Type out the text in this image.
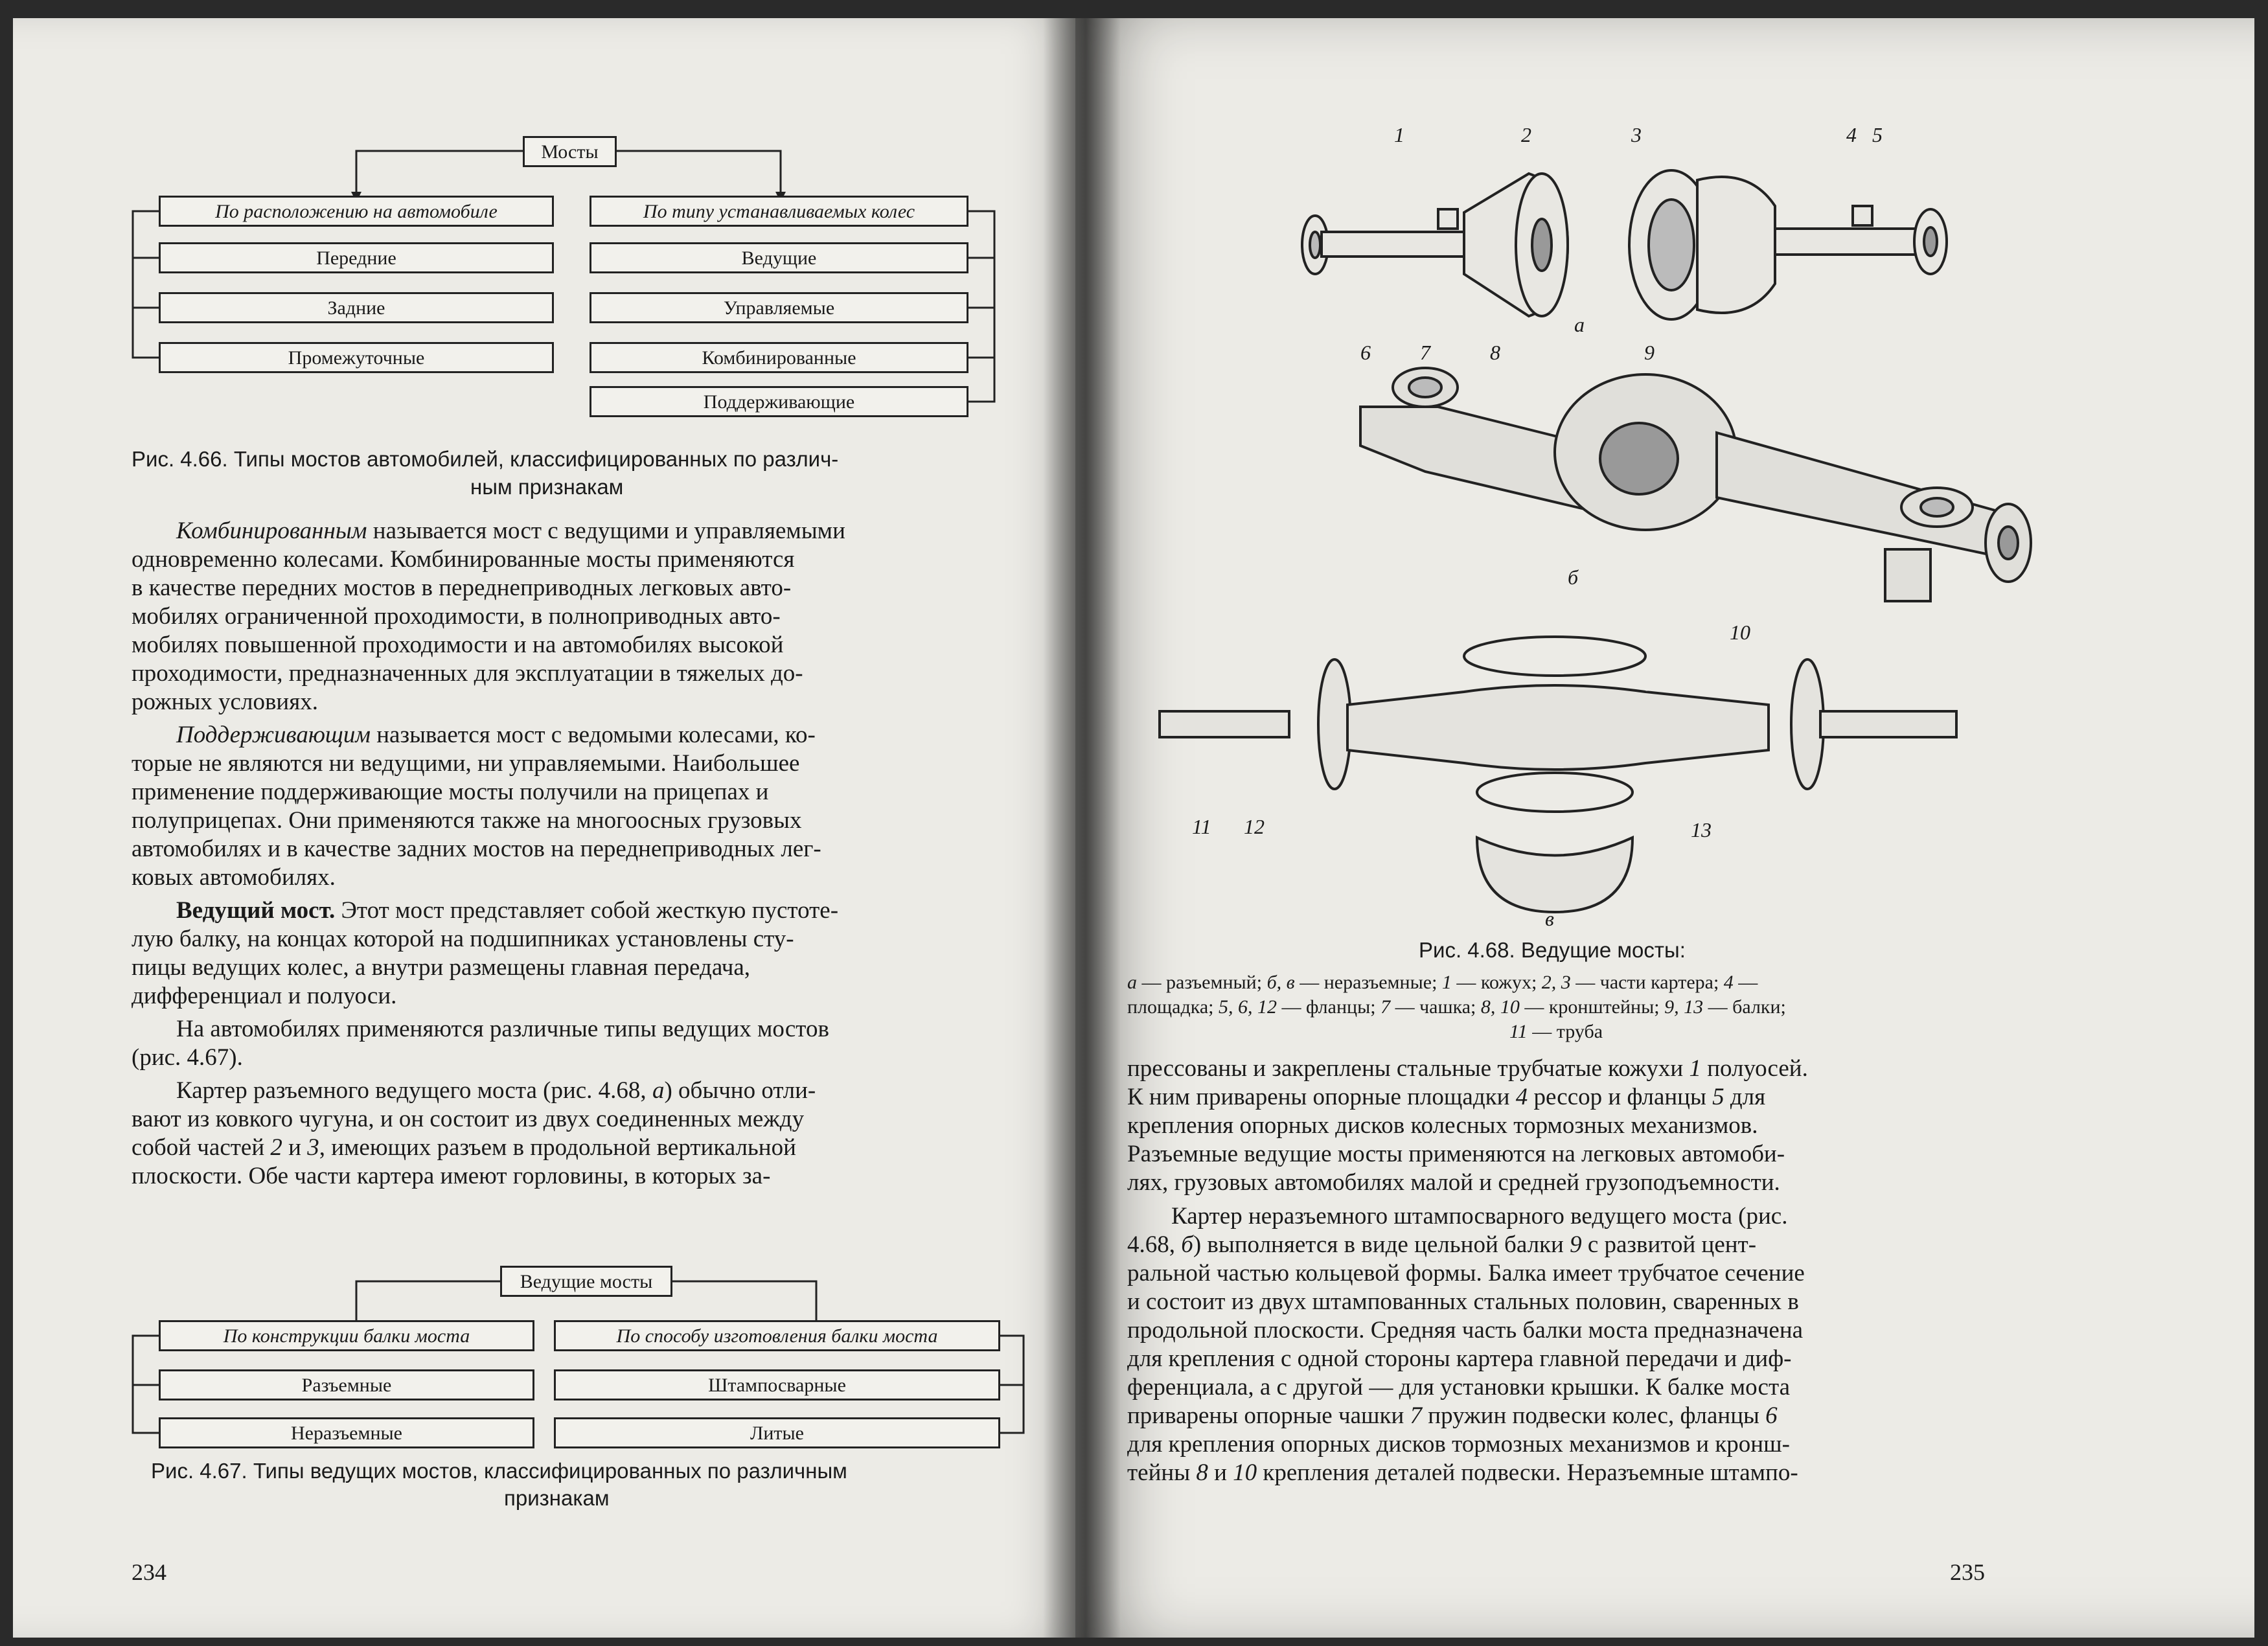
Мосты
По расположению на автомобиле	По типу устанавливаемых колес
Передние
Задние
Промежуточные
Ведущие
Управляемые
Комбинированные
Поддерживающие
Рис. 4.66. Типы мостов автомобилей, классифицированных по различ-
ным признакам
Комбинированным называется мост с ведущими и управляемыми
одновременно колесами. Комбинированные мосты применяются
в качестве передних мостов в переднеприводных легковых авто-
мобилях ограниченной проходимости, в полноприводных авто-
мобилях повышенной проходимости и на автомобилях высокой
проходимости, предназначенных для эксплуатации в тяжелых до-
рожных условиях.
Поддерживающим называется мост с ведомыми колесами, ко-
торые не являются ни ведущими, ни управляемыми. Наибольшее
применение поддерживающие мосты получили на прицепах и
полуприцепах. Они применяются также на многоосных грузовых
автомобилях и в качестве задних мостов на переднеприводных лег-
ковых автомобилях.
Ведущий мост. Этот мост представляет собой жесткую пустоте-
лую балку, на концах которой на подшипниках установлены сту-
пицы ведущих колес, а внутри размещены главная передача,
дифференциал и полуоси.
На автомобилях применяются различные типы ведущих мостов
(рис. 4.67).
Картер разъемного ведущего моста (рис. 4.68, а) обычно отли-
вают из ковкого чугуна, и он состоит из двух соединенных между
собой частей 2 и 3, имеющих разъем в продольной вертикальной
плоскости. Обе части картера имеют горловины, в которых за-
Ведущие мосты
По конструкции балки моста	По способу изготовления балки моста
Разъемные
Неразъемные
Штампосварные
Литые
Рис. 4.67. Типы ведущих мостов, классифицированных по различным
признакам
234
1	2	3	4 5
а
6 7	8	9
б
10
11 12	13
в
Рис. 4.68. Ведущие мосты:
а — разъемный; б, в — неразъемные; 1 — кожух; 2, 3 — части картера; 4 —
площадка; 5, 6, 12 — фланцы; 7 — чашка; 8, 10 — кронштейны; 9, 13 — балки;
11 — труба
прессованы и закреплены стальные трубчатые кожухи 1 полуосей.
К ним приварены опорные площадки 4 рессор и фланцы 5 для
крепления опорных дисков колесных тормозных механизмов.
Разъемные ведущие мосты применяются на легковых автомоби-
лях, грузовых автомобилях малой и средней грузоподъемности.
Картер неразъемного штампосварного ведущего моста (рис.
4.68, б) выполняется в виде цельной балки 9 с развитой цент-
ральной частью кольцевой формы. Балка имеет трубчатое сечение
и состоит из двух штампованных стальных половин, сваренных в
продольной плоскости. Средняя часть балки моста предназначена
для крепления с одной стороны картера главной передачи и диф-
ференциала, а с другой — для установки крышки. К балке моста
приварены опорные чашки 7 пружин подвески колес, фланцы 6
для крепления опорных дисков тормозных механизмов и кронш-
тейны 8 и 10 крепления деталей подвески. Неразъемные штампо-
235
